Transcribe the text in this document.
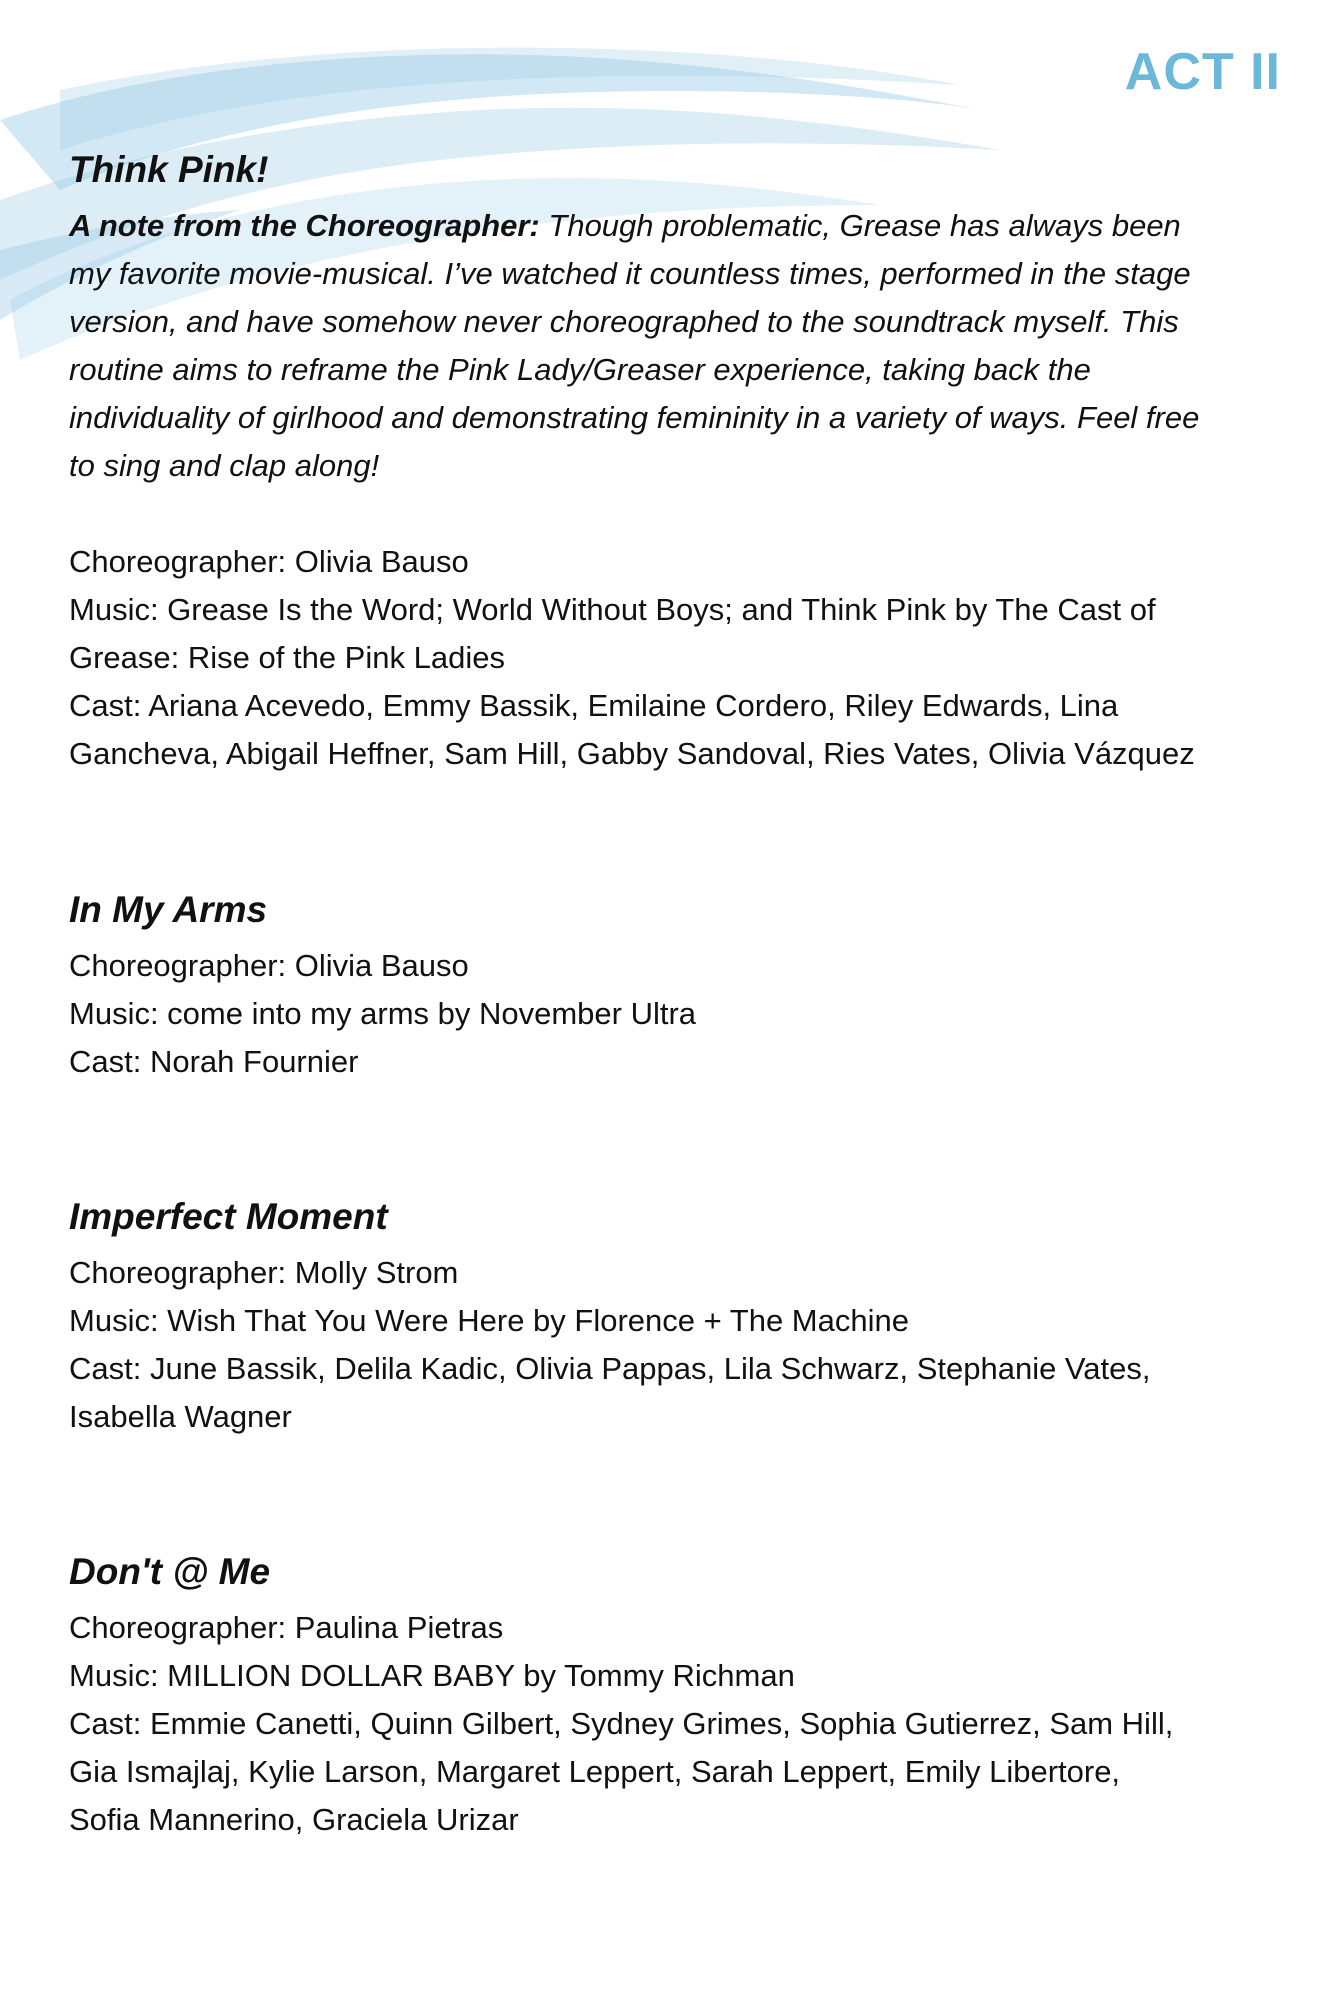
ACT II
Think Pink!

A note from the Choreographer: Though problematic, Grease has always been my favorite movie-musical. I’ve watched it countless times, performed in the stage version, and have somehow never choreographed to the soundtrack myself. This routine aims to reframe the Pink Lady/Greaser experience, taking back the individuality of girlhood and demonstrating femininity in a variety of ways. Feel free to sing and clap along!

Choreographer: Olivia Bauso

Music: Grease Is the Word; World Without Boys; and Think Pink by The Cast of

Grease: Rise of the Pink Ladies

Cast: Ariana Acevedo, Emmy Bassik, Emilaine Cordero, Riley Edwards, Lina

Gancheva, Abigail Heffner, Sam Hill, Gabby Sandoval, Ries Vates, Olivia Vázquez

In My Arms

Choreographer: Olivia Bauso

Music: come into my arms by November Ultra

Cast: Norah Fournier

Imperfect Moment

Choreographer: Molly Strom

Music: Wish That You Were Here by Florence + The Machine

Cast: June Bassik, Delila Kadic, Olivia Pappas, Lila Schwarz, Stephanie Vates,

Isabella Wagner

Don't @ Me

Choreographer: Paulina Pietras

Music: MILLION DOLLAR BABY by Tommy Richman

Cast: Emmie Canetti, Quinn Gilbert, Sydney Grimes, Sophia Gutierrez, Sam Hill,

Gia Ismajlaj, Kylie Larson, Margaret Leppert, Sarah Leppert, Emily Libertore,

Sofia Mannerino, Graciela Urizar
